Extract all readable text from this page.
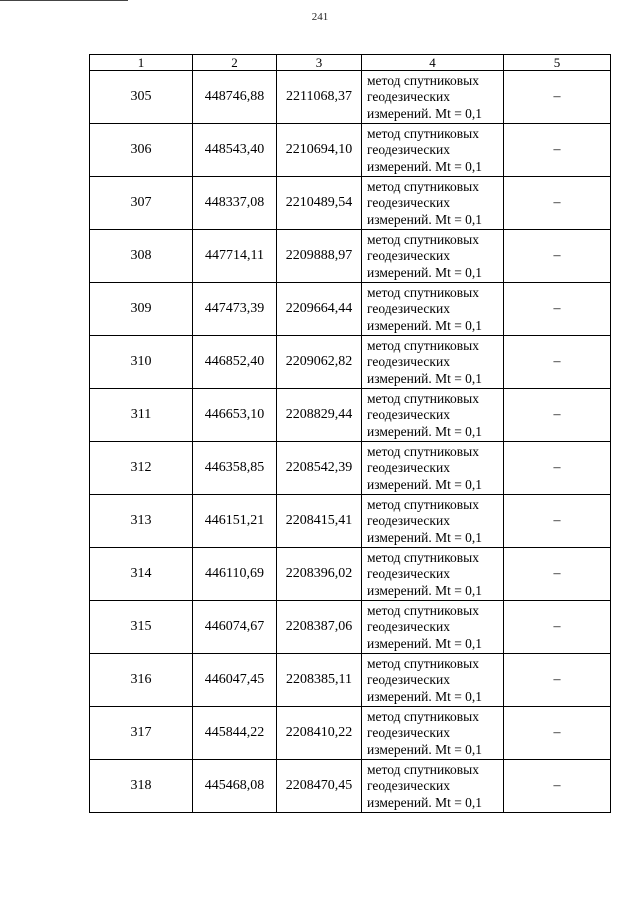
241
1	2	3	4	5
305	448746,88	2211068,37	метод спутниковых
геодезических
измерений. Mt = 0,1	–
306	448543,40	2210694,10	метод спутниковых
геодезических
измерений. Mt = 0,1	–
307	448337,08	2210489,54	метод спутниковых
геодезических
измерений. Mt = 0,1	–
308	447714,11	2209888,97	метод спутниковых
геодезических
измерений. Mt = 0,1	–
309	447473,39	2209664,44	метод спутниковых
геодезических
измерений. Mt = 0,1	–
310	446852,40	2209062,82	метод спутниковых
геодезических
измерений. Mt = 0,1	–
311	446653,10	2208829,44	метод спутниковых
геодезических
измерений. Mt = 0,1	–
312	446358,85	2208542,39	метод спутниковых
геодезических
измерений. Mt = 0,1	–
313	446151,21	2208415,41	метод спутниковых
геодезических
измерений. Mt = 0,1	–
314	446110,69	2208396,02	метод спутниковых
геодезических
измерений. Mt = 0,1	–
315	446074,67	2208387,06	метод спутниковых
геодезических
измерений. Mt = 0,1	–
316	446047,45	2208385,11	метод спутниковых
геодезических
измерений. Mt = 0,1	–
317	445844,22	2208410,22	метод спутниковых
геодезических
измерений. Mt = 0,1	–
318	445468,08	2208470,45	метод спутниковых
геодезических
измерений. Mt = 0,1	–
